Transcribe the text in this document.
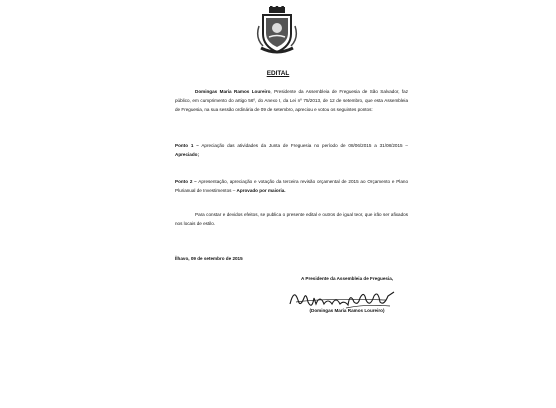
EDITAL
Domingas Maria Ramos Loureiro, Presidente da Assembleia de Freguesia de São Salvador, faz público, em cumprimento do artigo 56º, do Anexo I, da Lei nº 75/2013, de 12 de setembro, que esta Assembleia de Freguesia, na sua sessão ordinária de 09 de setembro, apreciou e votou os seguintes pontos:
Ponto 1 – Apreciação das atividades da Junta de Freguesia no período de 08/06/2015 a 31/08/2015 – Apreciado;
Ponto 2 – Apresentação, apreciação e votação da terceira revisão orçamental de 2015 ao Orçamento e Plano Plurianual de Investimentos – Aprovado por maioria.
Para constar e devidos efeitos, se publica o presente edital e outros de igual teor, que irão ser afixados nos locais de estilo.
Ílhavo, 09 de setembro de 2015
A Presidente da Assembleia de Freguesia,
(Domingas Maria Ramos Loureiro)
